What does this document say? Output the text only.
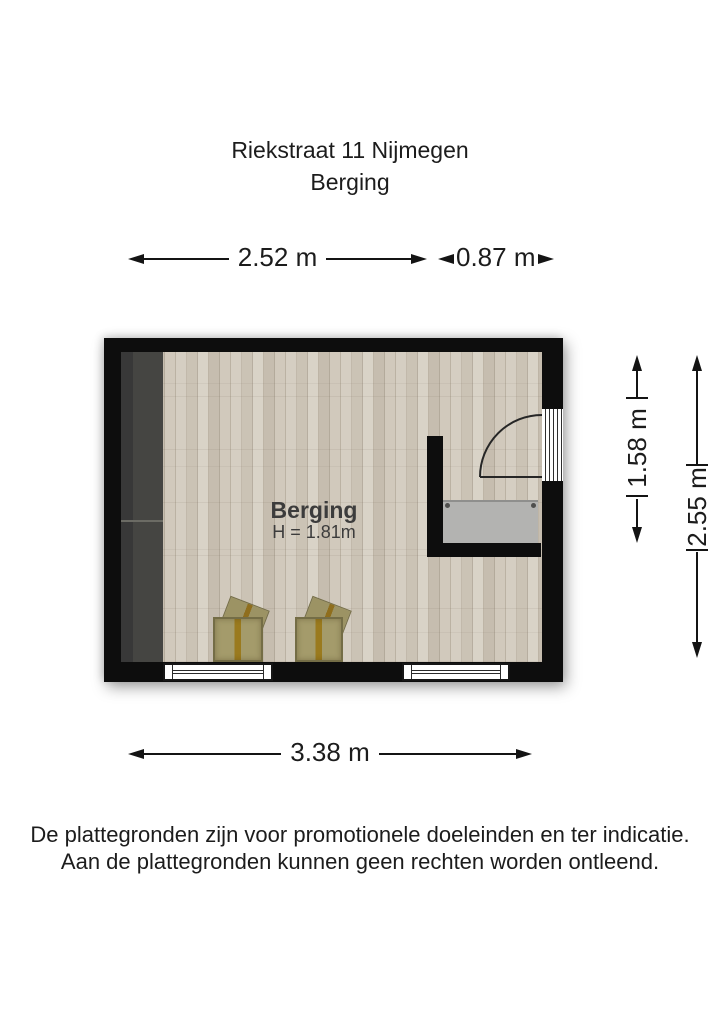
Riekstraat 11 Nijmegen
Berging
2.52 m	0.87 m
Berging
H = 1.81m
1.58 m
2.55 m
3.38 m
De plattegronden zijn voor promotionele doeleinden en ter indicatie.
Aan de plattegronden kunnen geen rechten worden ontleend.
